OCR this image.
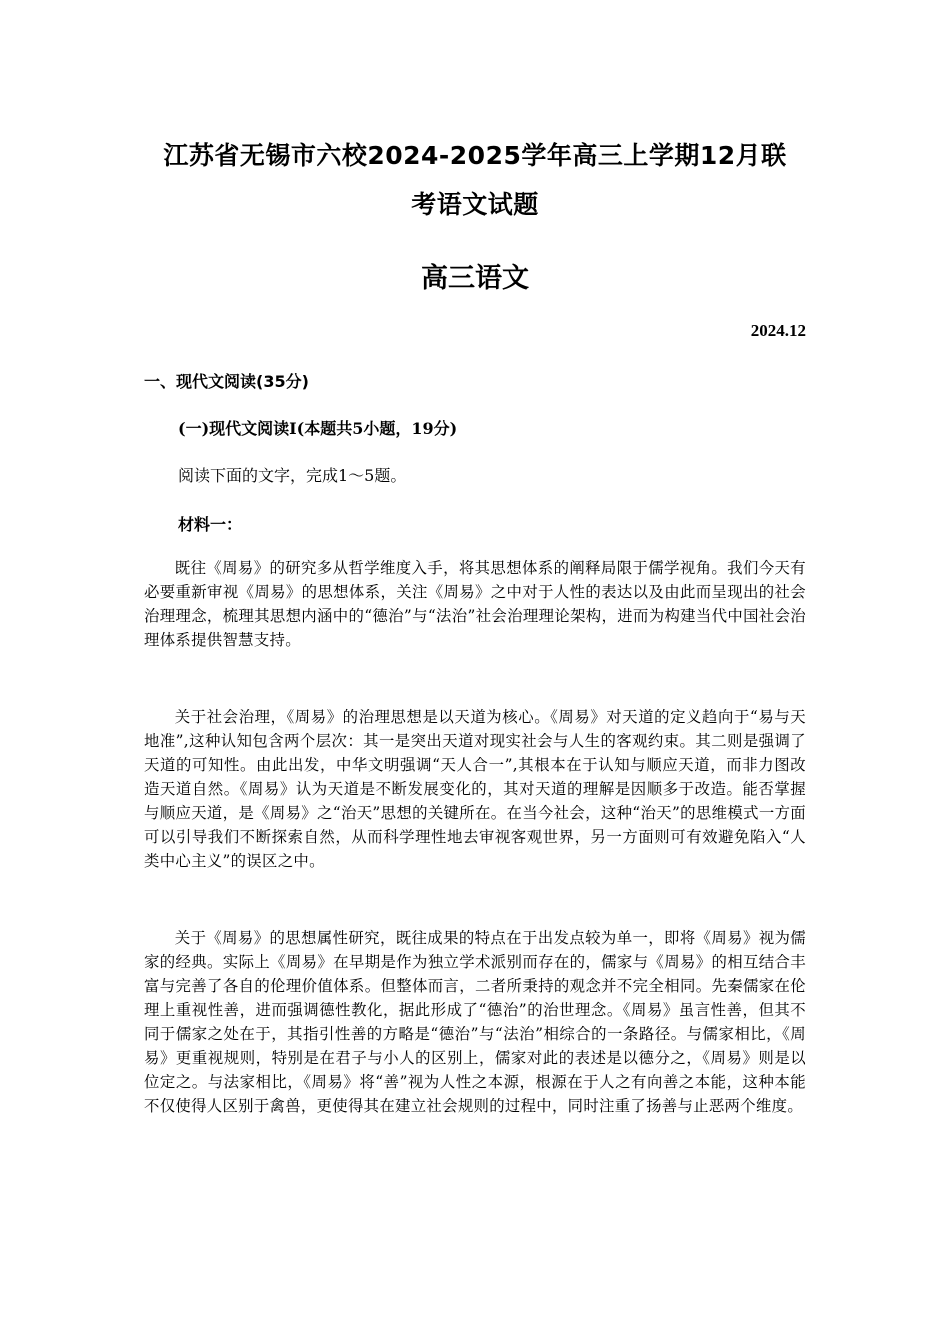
江苏省无锡市六校2024-2025学年高三上学期12月联
考语文试题
高三语文
2024.12
一、现代文阅读(35分)
(一)现代文阅读I(本题共5小题，19分)
阅读下面的文字，完成1～5题。
材料一：

既往《周易》的研究多从哲学维度入手，将其思想体系的阐释局限于儒学视角。我们今天有必要重新审视《周易》的思想体系，关注《周易》之中对于人性的表达以及由此而呈现出的社会治理理念，梳理其思想内涵中的“德治”与“法治”社会治理理论架构，进而为构建当代中国社会治理体系提供智慧支持。

关于社会治理，《周易》的治理思想是以天道为核心。《周易》对天道的定义趋向于“易与天地准”,这种认知包含两个层次：其一是突出天道对现实社会与人生的客观约束。其二则是强调了天道的可知性。由此出发，中华文明强调“天人合一”,其根本在于认知与顺应天道，而非力图改造天道自然。《周易》认为天道是不断发展变化的，其对天道的理解是因顺多于改造。能否掌握与顺应天道，是《周易》之“治天”思想的关键所在。在当今社会，这种“治天”的思维模式一方面可以引导我们不断探索自然，从而科学理性地去审视客观世界，另一方面则可有效避免陷入“人类中心主义”的误区之中。

关于《周易》的思想属性研究，既往成果的特点在于出发点较为单一，即将《周易》视为儒家的经典。实际上《周易》在早期是作为独立学术派别而存在的，儒家与《周易》的相互结合丰富与完善了各自的伦理价值体系。但整体而言，二者所秉持的观念并不完全相同。先秦儒家在伦理上重视性善，进而强调德性教化，据此形成了“德治”的治世理念。《周易》虽言性善，但其不同于儒家之处在于，其指引性善的方略是“德治”与“法治”相综合的一条路径。与儒家相比，《周易》更重视规则，特别是在君子与小人的区别上，儒家对此的表述是以德分之，《周易》则是以位定之。与法家相比，《周易》将“善”视为人性之本源，根源在于人之有向善之本能，这种本能不仅使得人区别于禽兽，更使得其在建立社会规则的过程中，同时注重了扬善与止恶两个维度。
